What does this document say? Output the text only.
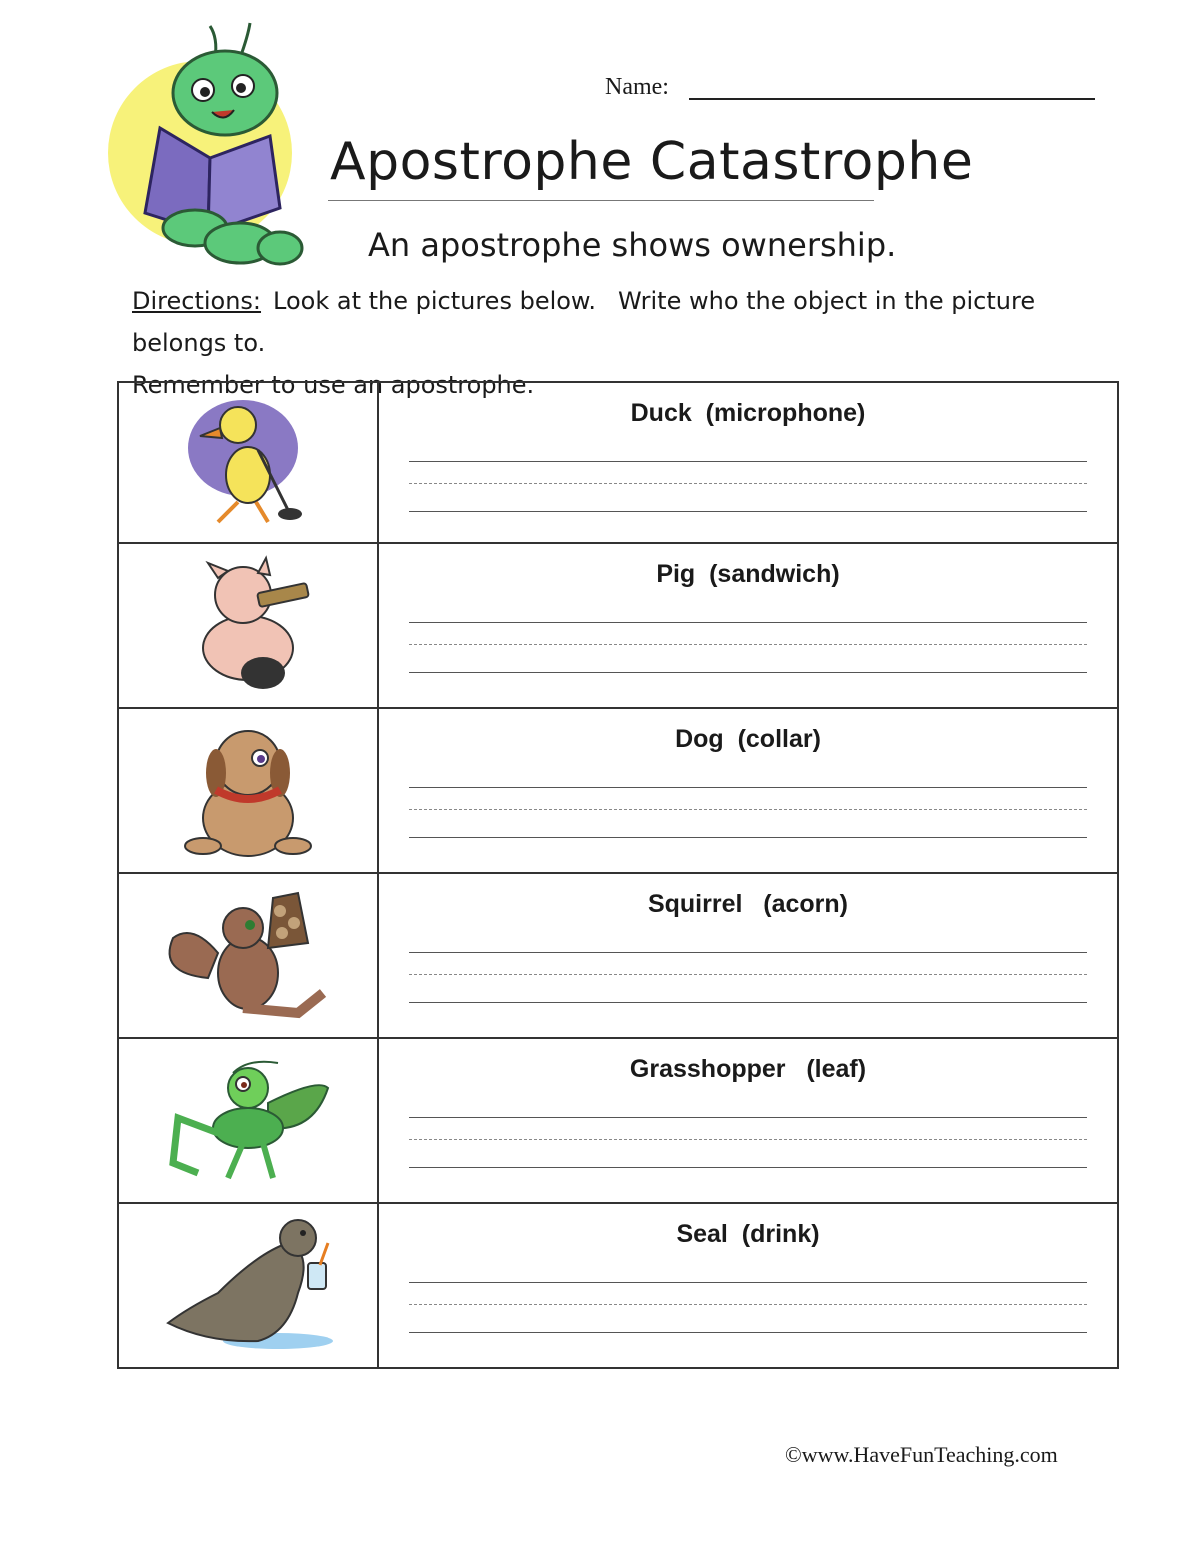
Name:
Apostrophe Catastrophe
An apostrophe shows ownership.
Directions: Look at the pictures below. Write who the object in the picture belongs to.
Remember to use an apostrophe.
Duck  (microphone)
Pig  (sandwich)
Dog  (collar)
Squirrel   (acorn)
Grasshopper   (leaf)
Seal  (drink)
©www.HaveFunTeaching.com
